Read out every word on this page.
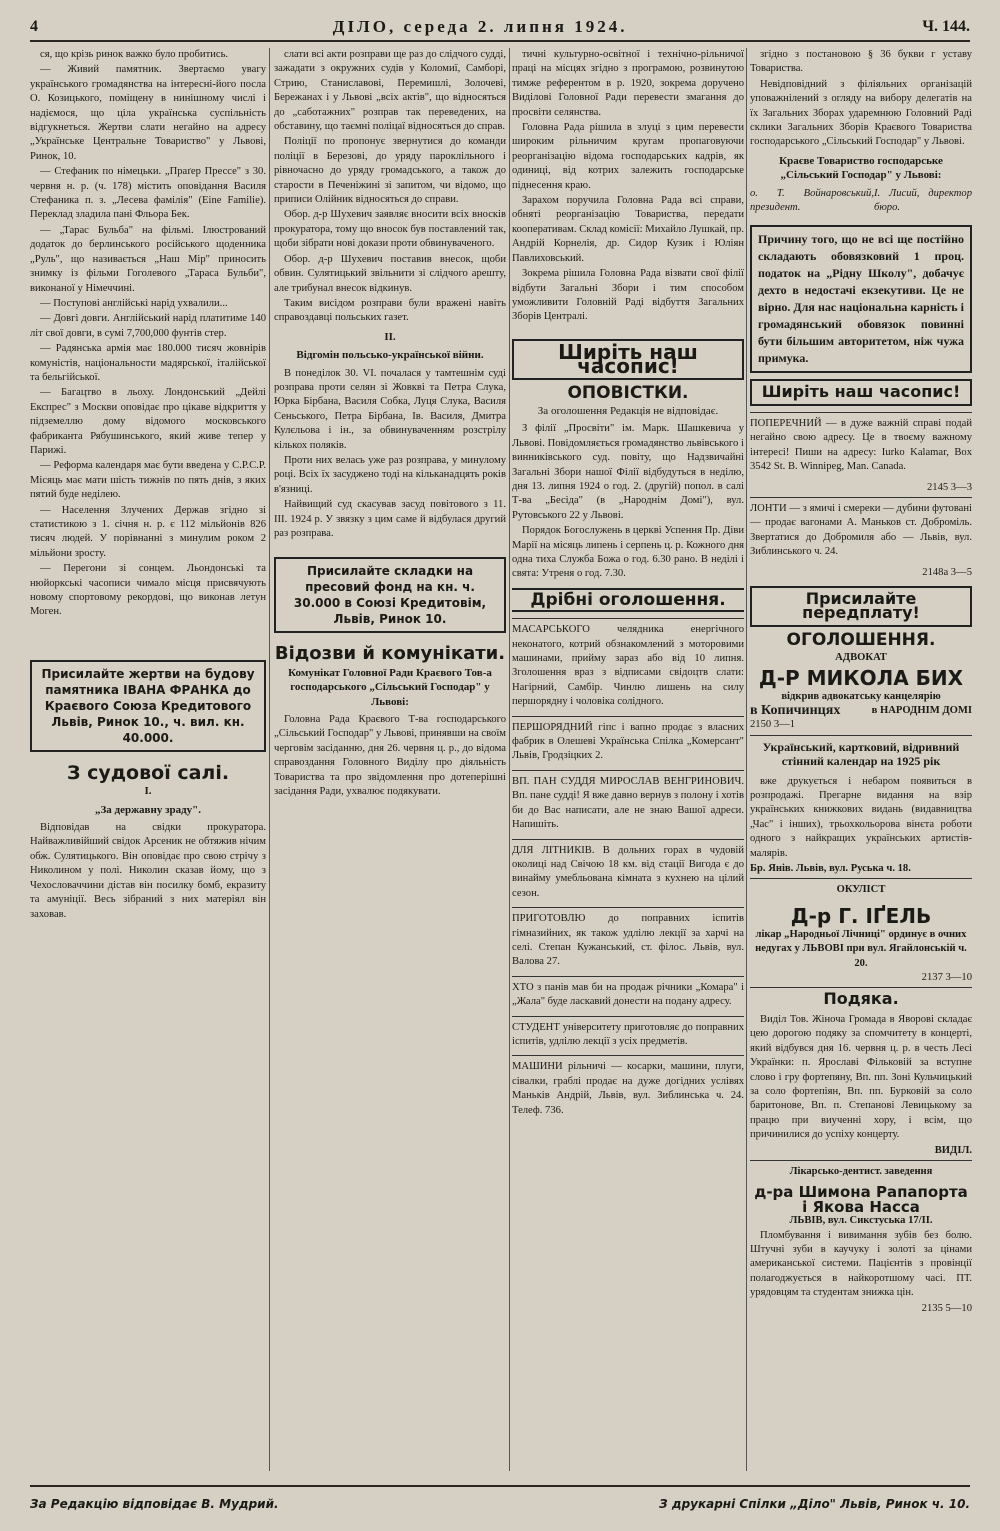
4	ДІЛО, середа 2. липня 1924.	Ч. 144.

ся, що крізь ринок важко було пробитись.

— Живий памятник. Звертаємо увагу українського громадянства на інтересні-його посла О. Козицького, поміщену в нинішному числі і надіємося, що ціла українська суспільність відгукнеться. Жертви слати негайно на адресу „Українське Центральне Товариство" у Львові, Ринок, 10.

— Стефаник по німецьки. „Праґер Прессе" з 30. червня н. р. (ч. 178) містить оповідання Василя Стефаника п. з. „Лесева фамілія" (Eine Familie). Переклад зладила пані Фльора Бек.

— „Тарас Бульба" на фільмі. Ілюстрований додаток до берлинського російського щоденника „Руль", що називається „Наш Мір" приносить знимку із фільми Гоголевого „Тараса Бульби", виконаної у Німеччині.

— Поступові англійські нарід ухвалили...

— Довгі довги. Англійський нарід платитиме 140 літ свої довги, в сумі 7,700,000 фунтів стер.

— Радянська армія має 180.000 тисяч жовнірів комуністів, національности мадярської, італійської та бельгійської.

— Багацтво в льоху. Лондонський „Дейлі Експрес" з Москви оповідає про цікаве відкриття у підземеллю дому відомого московського фабриканта Рябушинського, який живе тепер у Парижі.

— Реформа календаря має бути введена у С.Р.С.Р. Місяць має мати шість тижнів по пять днів, з яких пятий буде неділею.

— Населення Злучених Держав згідно зі статистикою з 1. січня н. р. є 112 мільйонів 826 тисяч людей. У порівнанні з минулим роком 2 мільйони зросту.

— Перегони зі сонцем. Льондонські та нюйоркські часописи чимало місця присвячують новому спортовому рекордові, що виконав летун Моген.

Присилайте жертви на будову памятника ІВАНА ФРАНКА до Краєвого Союза Кредитового Львів, Ринок 10., ч. вил. кн. 40.000.
З судової салі.
І.
„За державну зраду".

Відповідав на свідки прокуратора. Найважливійший свідок Арсеник не обтяжив нічим обж. Сулятицького. Він оповідає про свою стрічу з Николином у полі. Николин сказав йому, що з Чехословаччини дістав він посилку бомб, екразиту та амуніції. Весь зібраний з них матеріял він заховав.

слати всі акти розправи ще раз до слідчого судді, зажадати з окружних судів у Коломиї, Самборі, Стрию, Станиславові, Перемишлі, Золочеві, Бережанах і у Львові „всіх актів", що відносяться до „саботажних" розправ так переведених, на обставину, що таємні поліцаї відносяться до справ.

Поліції по пропонує звернутися до команди поліції в Березові, до уряду пароклільного і рівночасно до уряду громадського, а також до старости в Печеніжині зі запитом, чи відомо, що приписи Олійник відносяться до справи.

Обор. д-р Шухевич заявляє вносити всіх вносків прокуратора, тому що вносок був поставлений так, щоби зібрати нові докази проти обвинуваченого.

Обор. д-р Шухевич поставив внесок, щоби обвин. Сулятицький звільнити зі слідчого арешту, але трибунал внесок відкинув.

Таким висідом розправи були вражені навіть справоздавці польських газет.

II.
Відгомін польсько-української війни.

В понеділок 30. VI. почалася у тамтешнім суді розправа проти селян зі Жовкві та Петра Слука, Юрка Бірбана, Василя Собка, Луця Слука, Василя Сеньського, Петра Бірбана, Ів. Василя, Дмитра Кулєльова і ін., за обвинуваченням розстрілу кількох поляків.

Проти них велась уже раз розправа, у минулому році. Всіх їх засуджено тоді на кільканадцять років в'язниці.

Найвищий суд скасував засуд повітового з 11. III. 1924 р. У звязку з цим саме й відбулася другий раз розправа.

Присилайте складки на пресовий фонд на кн. ч. 30.000 в Союзі Кредитовім, Львів, Ринок 10.
Відозви й комунікати.
Комунікат Головної Ради Краєвого Тов-а господарського „Сільський Господар" у Львові:

Головна Рада Краєвого Т-ва господарського „Сільський Господар" у Львові, принявши на своїм черговім засіданню, дня 26. червня ц. р., до відома справоздання Головного Виділу про діяльність Товариства та про звідомлення про дотеперішні засідання Ради, ухвалює подякувати.

тичні культурно-освітної і технічно-рільничої праці на місцях згідно з програмою, розвинутою тимже референтом в р. 1920, зокрема доручено Виділові Головної Ради перевести змагання до просвіти селянства.

Головна Рада рішила в злуці з цим перевести широким рільничим кругам пропаговуючи реорганізацію відома господарських кадрів, як одиниці, від котрих залежить господарське піднесення краю.

Зарахом поручила Головна Рада всі справи, обняті реорганізацію Товариства, передати кооперативам. Склад комісії: Михайло Лушкай, пр. Андрій Корнелія, др. Сидор Кузик і Юліян Павлиховський.

Зокрема рішила Головна Рада візвати свої філії відбути Загальні Збори і тим способом уможливити Головній Раді відбуття Загальних Зборів Централі.

Ширіть наш часопис!
ОПОВІСТКИ.
За оголошення Редакція не відповідає.

З філії „Просвіти" ім. Марк. Шашкевича у Львові. Повідомляється громадянство львівського і винниківського суд. повіту, що Надзвичайні Загальні Збори нашої Філії відбудуться в неділю, дня 13. липня 1924 о год. 2. (другій) попол. в салі Т-ва „Бесіда" (в „Народнім Домі"), вул. Рутовського 22 у Львові.

Порядок Богослужень в церкві Успення Пр. Діви Марії на місяць липень і серпень ц. р. Кожного дня одна тиха Служба Божа о год. 6.30 рано. В неділі і свята: Утреня о год. 7.30.

Дрібні оголошення.
МАСАРСЬКОГО челядника енергічного неконатого, котрий обзнакомлений з моторовими машинами, прийму зараз або від 10 липня. Зголошення враз з відписами свідоцтв слати: Нагірний, Самбір. Чинлю лишень на силу першорядну і чоловіка солідного.
ПЕРШОРЯДНИЙ гіпс і вапно продає з власних фабрик в Олешеві Українська Спілка „Комерсант" Львів, Гродзіцких 2.
ВП. ПАН СУДДЯ МИРОСЛАВ ВЕНГРИНОВИЧ. Вп. пане судді! Я вже давно вернув з полону і хотів би до Вас написати, але не знаю Вашої адреси. Напишіть.
ДЛЯ ЛІТНИКІВ. В дольних горах в чудовій околиці над Свічою 18 км. від стації Вигода є до винайму умебльована кімната з кухнею на цілий сезон.
ПРИГОТОВЛЮ до поправних іспитів гімназийних, як також удлілю лекції за харчі на селі. Степан Кужанський, ст. філос. Львів, вул. Валова 27.
ХТО з панів мав би на продаж річники „Комара" і „Жала" буде ласкавий донести на подану адресу.
СТУДЕНТ університету приготовляє до поправних іспитів, удлілю лекції з усіх предметів.
МАШИНИ рільничі — косарки, машини, плуги, сівалки, граблі продає на дуже догідних услівях Маньків Андрій, Львів, вул. Зиблинська ч. 24. Телеф. 736.

згідно з постановою § 36 букви г уставу Товариства.

Невідповідний з філіяльних організацій уповажнілений з огляду на вибору делегатів на їх Загальних Зборах ударемнюю Головний Раді склики Загальних Зборів Краєвого Товариства господарського „Сільський Господар" у Львові.

Краєве Товариство господарське „Сільський Господар" у Львові:
о. Т. Войнаровський, президент.
І. Лисий, директор бюро.
Причину того, що не всі ще постійно складають обовязковий 1 проц. податок на „Рідну Школу", добачує дехто в недостачі екзекутиви. Це не вірно. Для нас національна карність і громадянський обовязок повинні бути більшим авторитетом, ніж чужа примука.
Ширіть наш часопис!
ПОПЕРЕЧНИЙ — в дуже важній справі подай негайно свою адресу. Це в твоєму важному інтересі! Пиши на адресу: Iurko Kalamar, Box 3542 St. B. Winnipeg, Man. Canada.
2145 3—3
ЛОНТИ — з ямичі і смереки — дубини футовані — продає вагонами А. Маньков ст. Доброміль. Звертатися до Добромиля або — Львів, вул. Зиблинського ч. 24.
2148a 3—5
Присилайте передплату!
ОГОЛОШЕННЯ.
АДВОКАТ
Д-Р МИКОЛА БИХ
відкрив адвокатську канцелярію
в Копичинцях	в НАРОДНІМ ДОМІ
2150 3—1
Український, картковий, відривний стінний календар на 1925 рік

вже друкується і небаром появиться в розпродажі. Прегарне видання на взір українських книжкових видань (видавництва „Час" і інших), трьохкольорова вінєта роботи одного з найкращих українських артистів-малярів.

Бр. Янів. Львів, вул. Руська ч. 18.
ОКУЛІСТ
Д-р Г. ІҐЕЛЬ
лікар „Народньої Лічниці" ординує в очних недугах у ЛЬВОВІ при вул. Ягайлонській ч. 20.
2137 3—10
Подяка.

Виділ Тов. Жіноча Громада в Яворові складає цею дорогою подяку за спомчитету в концерті, який відбувся дня 16. червня ц. р. в честь Лесі Українки: п. Ярославі Фільковій за вступне слово і гру фортепяну, Вп. пп. Зоні Кульчицький за соло фортепіян, Вп. пп. Бурковій за соло баритонове, Вп. п. Степанові Левицькому за працю при виученні хору, і всім, що причинилися до успіху концерту.

ВИДІЛ.
Лікарсько-дентист. заведення
д-ра Шимона Рапапорта і Якова Насса
ЛЬВІВ, вул. Сикстуська 17/II.

Пломбування і вивимання зубів без болю. Штучні зуби в каучуку і золоті за цінами американської системи. Пацієнтів з провінції полагоджується в найкоротшому часі. ПТ. урядовцям та студентам знижка цін.

2135 5—10
За Редакцію відповідає В. Мудрий.	З друкарні Спілки „Діло" Львів, Ринок ч. 10.
